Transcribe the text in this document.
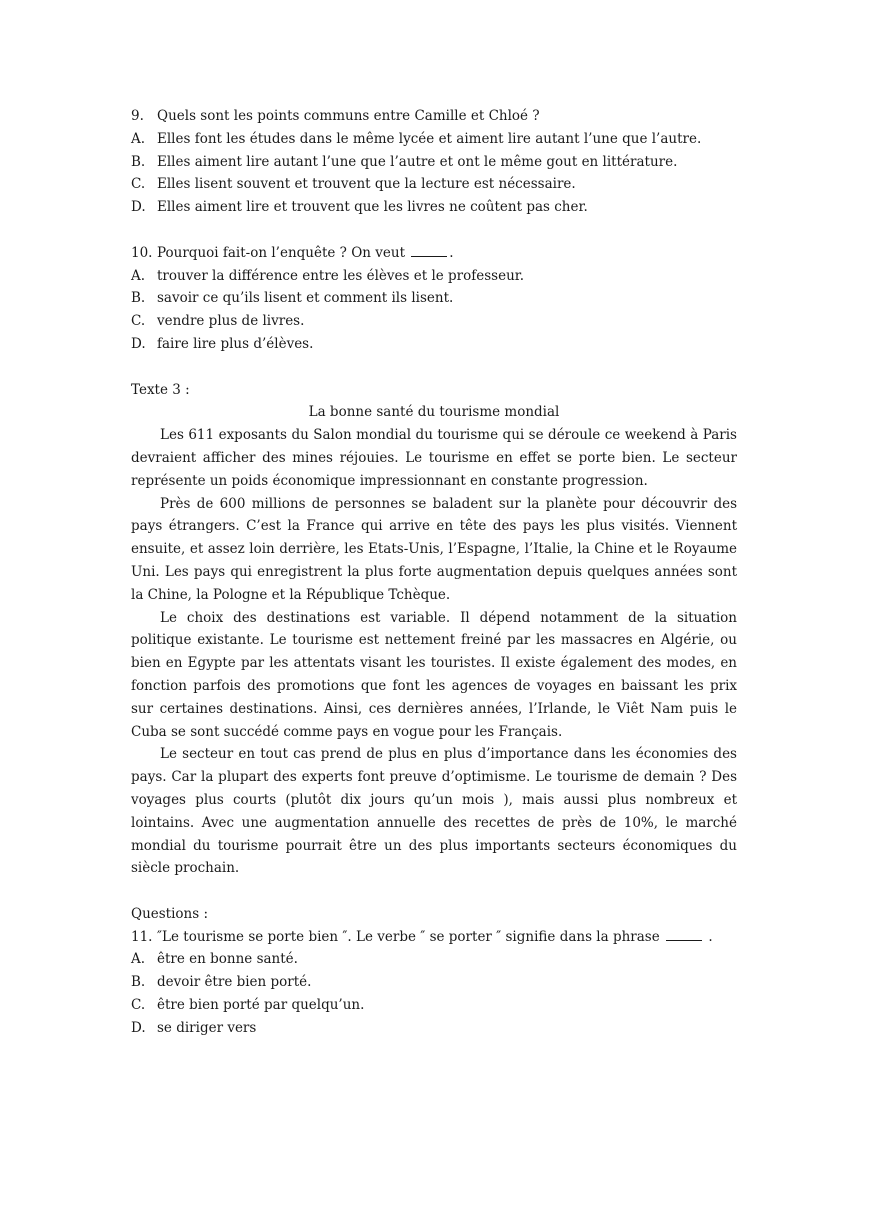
9. Quels sont les points communs entre Camille et Chloé ?
A. Elles font les études dans le même lycée et aiment lire autant l’une que l’autre.
B. Elles aiment lire autant l’une que l’autre et ont le même gout en littérature.
C. Elles lisent souvent et trouvent que la lecture est nécessaire.
D. Elles aiment lire et trouvent que les livres ne coûtent pas cher.
10. Pourquoi fait-on l’enquête ? On veut	.
A. trouver la différence entre les élèves et le professeur.
B. savoir ce qu’ils lisent et comment ils lisent.
C. vendre plus de livres.
D. faire lire plus d’élèves.
Texte 3 :
La bonne santé du tourisme mondial
Les 611 exposants du Salon mondial du tourisme qui se déroule ce weekend à Paris devraient afficher des mines réjouies. Le tourisme en effet se porte bien. Le secteur représente un poids économique impressionnant en constante progression.
Près de 600 millions de personnes se baladent sur la planète pour découvrir des pays étrangers. C’est la France qui arrive en tête des pays les plus visités. Viennent ensuite, et assez loin derrière, les Etats-Unis, l’Espagne, l’Italie, la Chine et le Royaume Uni. Les pays qui enregistrent la plus forte augmentation depuis quelques années sont la Chine, la Pologne et la République Tchèque.
Le choix des destinations est variable. Il dépend notamment de la situation politique existante. Le tourisme est nettement freiné par les massacres en Algérie, ou bien en Egypte par les attentats visant les touristes. Il existe également des modes, en fonction parfois des promotions que font les agences de voyages en baissant les prix sur certaines destinations. Ainsi, ces dernières années, l’Irlande, le Viêt Nam puis le Cuba se sont succédé comme pays en vogue pour les Français.
Le secteur en tout cas prend de plus en plus d’importance dans les économies des pays. Car la plupart des experts font preuve d’optimisme. Le tourisme de demain ? Des voyages plus courts (plutôt dix jours qu’un mois ), mais aussi plus nombreux et lointains. Avec une augmentation annuelle des recettes de près de 10%, le marché mondial du tourisme pourrait être un des plus importants secteurs économiques du siècle prochain.
Questions :
11. ″Le tourisme se porte bien ″. Le verbe ″ se porter ″ signifie dans la phrase	.
A. être en bonne santé.
B. devoir être bien porté.
C. être bien porté par quelqu’un.
D. se diriger vers
